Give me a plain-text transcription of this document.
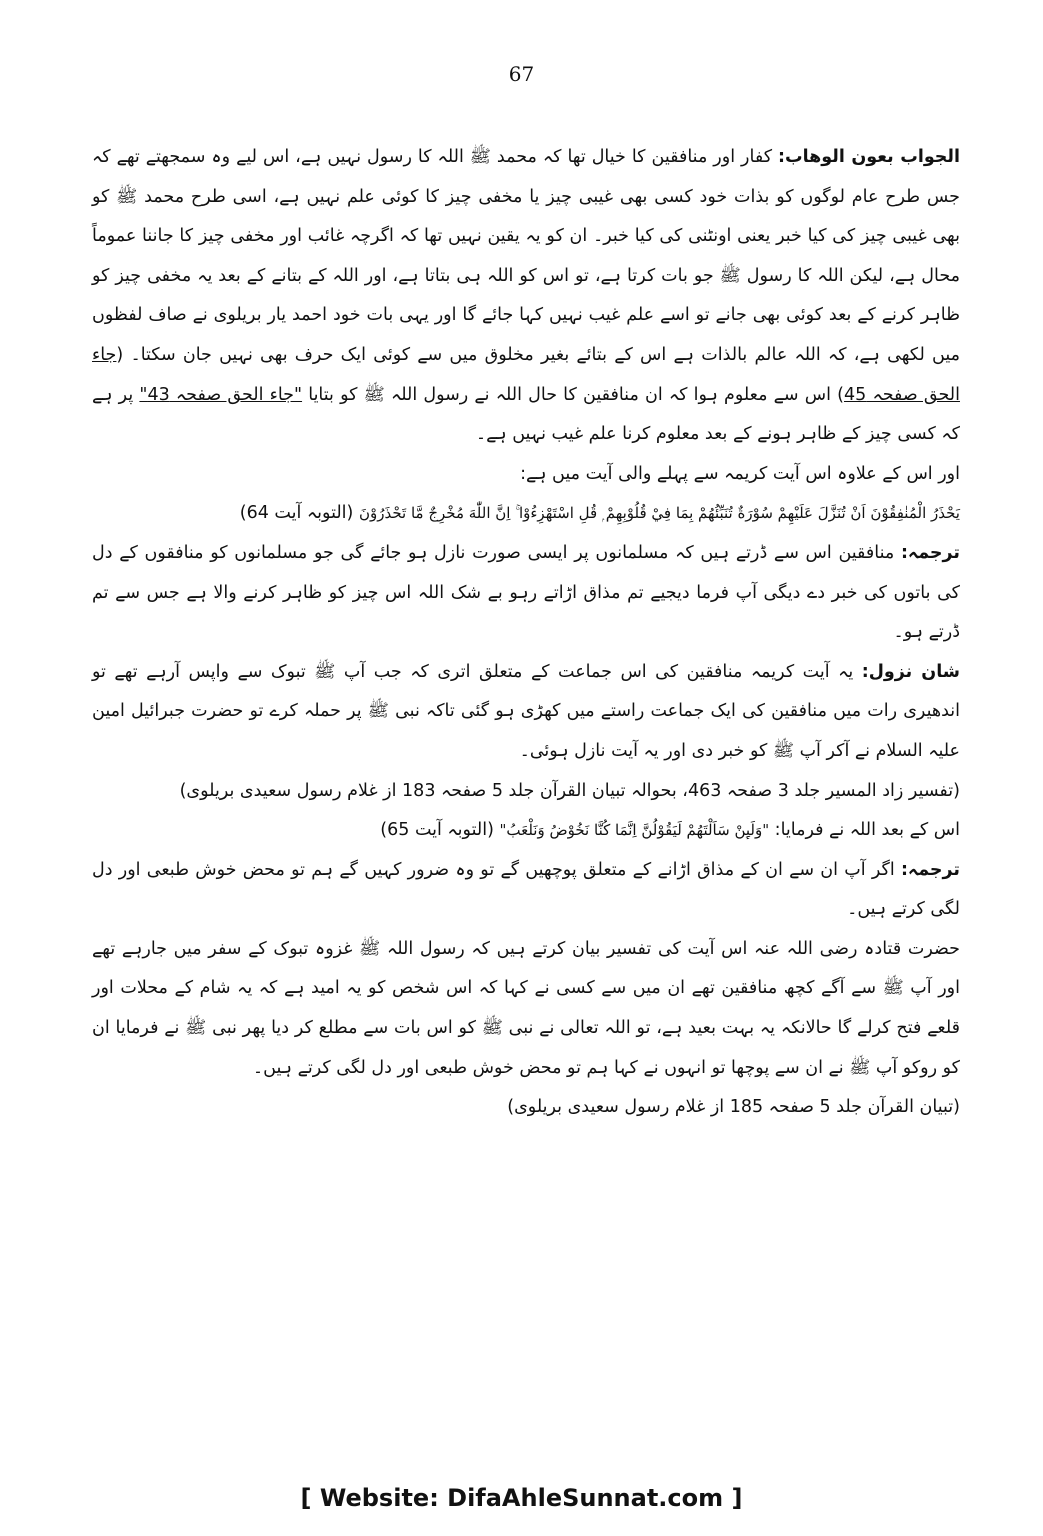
67

الجواب بعون الوهاب: کفار اور منافقین کا خیال تھا کہ محمد ﷺ اللہ کا رسول نہیں ہے، اس لیے وہ سمجھتے تھے کہ جس طرح عام لوگوں کو بذات خود کسی بھی غیبی چیز یا مخفی چیز کا کوئی علم نہیں ہے، اسی طرح محمد ﷺ کو بھی غیبی چیز کی کیا خبر یعنی اونٹنی کی کیا خبر۔ ان کو یہ یقین نہیں تھا کہ اگرچہ غائب اور مخفی چیز کا جاننا عموماً محال ہے، لیکن اللہ کا رسول ﷺ جو بات کرتا ہے، تو اس کو اللہ ہی بتاتا ہے، اور اللہ کے بتانے کے بعد یہ مخفی چیز کو ظاہر کرنے کے بعد کوئی بھی جانے تو اسے علم غیب نہیں کہا جائے گا اور یہی بات خود احمد یار بریلوی نے صاف لفظوں میں لکھی ہے، کہ اللہ عالم بالذات ہے اس کے بتائے بغیر مخلوق میں سے کوئی ایک حرف بھی نہیں جان سکتا۔ (جاء الحق صفحہ 45) اس سے معلوم ہوا کہ ان منافقین کا حال اللہ نے رسول اللہ ﷺ کو بتایا "جاء الحق صفحہ 43" پر ہے کہ کسی چیز کے ظاہر ہونے کے بعد معلوم کرنا علم غیب نہیں ہے۔

اور اس کے علاوہ اس آیت کریمہ سے پہلے والی آیت میں ہے:

يَحْذَرُ الْمُنٰفِقُوْنَ اَنْ تُنَزَّلَ عَلَيْهِمْ سُوْرَةٌ تُنَبِّئُهُمْ بِمَا فِيْ قُلُوْبِهِمْ ۭ قُلِ اسْتَهْزِءُوْا ۚ اِنَّ اللّٰهَ مُخْرِجٌ مَّا تَحْذَرُوْنَ (التوبہ آیت 64)

ترجمہ: منافقین اس سے ڈرتے ہیں کہ مسلمانوں پر ایسی صورت نازل ہو جائے گی جو مسلمانوں کو منافقوں کے دل کی باتوں کی خبر دے دیگی آپ فرما دیجیے تم مذاق اڑاتے رہو بے شک اللہ اس چیز کو ظاہر کرنے والا ہے جس سے تم ڈرتے ہو۔

شان نزول: یہ آیت کریمہ منافقین کی اس جماعت کے متعلق اتری کہ جب آپ ﷺ تبوک سے واپس آرہے تھے تو اندھیری رات میں منافقین کی ایک جماعت راستے میں کھڑی ہو گئی تاکہ نبی ﷺ پر حملہ کرے تو حضرت جبرائیل امین علیہ السلام نے آکر آپ ﷺ کو خبر دی اور یہ آیت نازل ہوئی۔

(تفسیر زاد المسیر جلد 3 صفحہ 463، بحوالہ تبیان القرآن جلد 5 صفحہ 183 از غلام رسول سعیدی بریلوی)

اس کے بعد اللہ نے فرمایا: "وَلَىِٕنْ سَاَلْتَهُمْ لَيَقُوْلُنَّ اِنَّمَا كُنَّا نَخُوْضُ وَنَلْعَبُ" (التوبہ آیت 65)

ترجمہ: اگر آپ ان سے ان کے مذاق اڑانے کے متعلق پوچھیں گے تو وہ ضرور کہیں گے ہم تو محض خوش طبعی اور دل لگی کرتے ہیں۔

حضرت قتادہ رضی اللہ عنہ اس آیت کی تفسیر بیان کرتے ہیں کہ رسول اللہ ﷺ غزوہ تبوک کے سفر میں جارہے تھے اور آپ ﷺ سے آگے کچھ منافقین تھے ان میں سے کسی نے کہا کہ اس شخص کو یہ امید ہے کہ یہ شام کے محلات اور قلعے فتح کرلے گا حالانکہ یہ بہت بعید ہے، تو اللہ تعالی نے نبی ﷺ کو اس بات سے مطلع کر دیا پھر نبی ﷺ نے فرمایا ان کو روکو آپ ﷺ نے ان سے پوچھا تو انہوں نے کہا ہم تو محض خوش طبعی اور دل لگی کرتے ہیں۔

(تبیان القرآن جلد 5 صفحہ 185 از غلام رسول سعیدی بریلوی)

[ Website: DifaAhleSunnat.com ]
